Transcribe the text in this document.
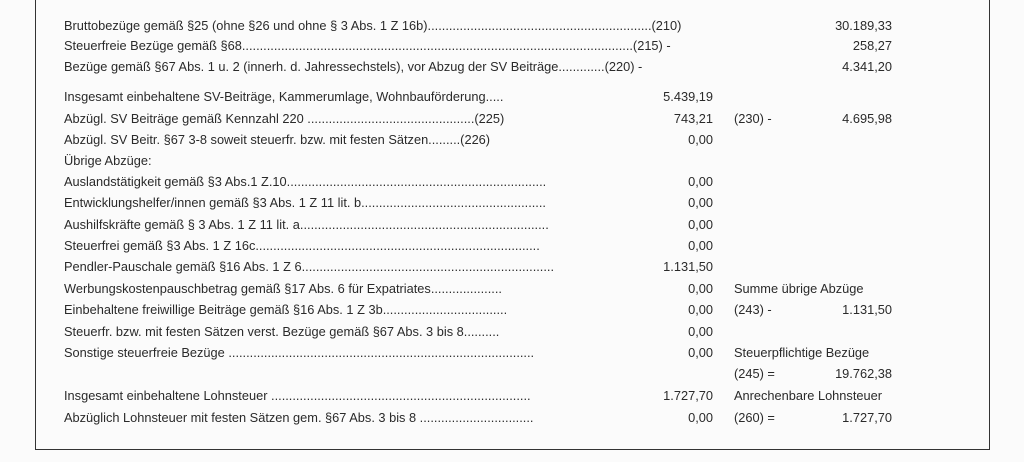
Bruttobezüge gemäß §25 (ohne §26 und ohne § 3 Abs. 1 Z 16b)...............................................................(210)	30.189,33
Steuerfreie Bezüge gemäß §68..............................................................................................................(215) -	258,27
Bezüge gemäß §67 Abs. 1 u. 2 (innerh. d. Jahressechstels), vor Abzug der SV Beiträge.............(220) -	4.341,20
Insgesamt einbehaltene SV-Beiträge, Kammerumlage, Wohnbauförderung.....	5.439,19
Abzügl. SV Beiträge gemäß Kennzahl 220 ...............................................(225)	743,21 (230) -	4.695,98
Abzügl. SV Beitr. §67 3-8 soweit steuerfr. bzw. mit festen Sätzen.........(226)	0,00
Übrige Abzüge:
Auslandstätigkeit gemäß §3 Abs.1 Z.10.........................................................................	0,00
Entwicklungshelfer/innen gemäß §3 Abs. 1 Z 11 lit. b....................................................	0,00
Aushilfskräfte gemäß § 3 Abs. 1 Z 11 lit. a......................................................................	0,00
Steuerfrei gemäß §3 Abs. 1 Z 16c................................................................................	0,00
Pendler-Pauschale gemäß §16 Abs. 1 Z 6.......................................................................	1.131,50
Werbungskostenpauschbetrag gemäß §17 Abs. 6 für Expatriates....................	0,00 Summe übrige Abzüge
Einbehaltene freiwillige Beiträge gemäß §16 Abs. 1 Z 3b...................................	0,00 (243) -	1.131,50
Steuerfr. bzw. mit festen Sätzen verst. Bezüge gemäß §67 Abs. 3 bis 8..........	0,00
Sonstige steuerfreie Bezüge ......................................................................................	0,00 Steuerpflichtige Bezüge
(245) =	19.762,38
Insgesamt einbehaltene Lohnsteuer .........................................................................	1.727,70 Anrechenbare Lohnsteuer
Abzüglich Lohnsteuer mit festen Sätzen gem. §67 Abs. 3 bis 8 ................................	0,00 (260) =	1.727,70
